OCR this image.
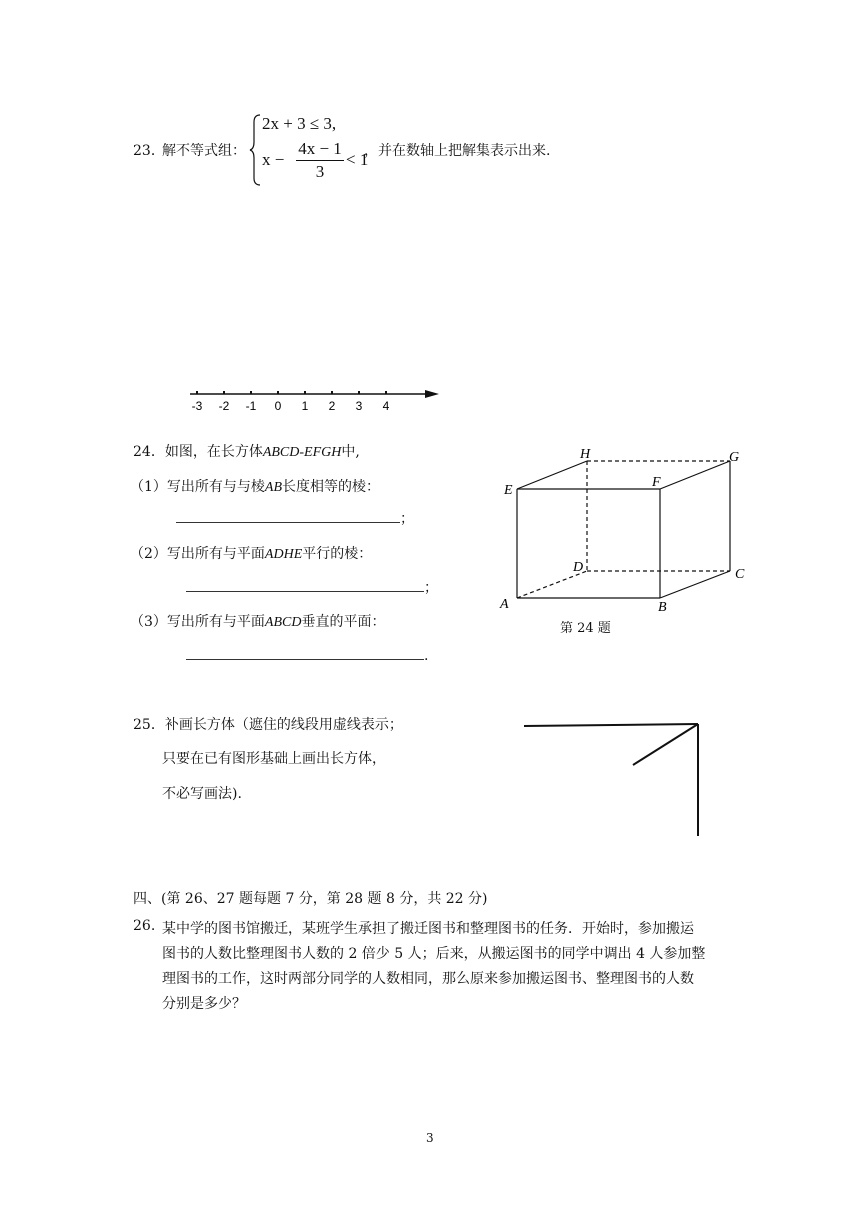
23．
解不等式组：
2x + 3 ≤ 3,
x −
4x − 1
3
< 1
，并在数轴上把解集表示出来.
-3 -2 -1 0 1 2 3 4
24．如图，在长方体ABCD-EFGH中,
（1）写出所有与与棱AB长度相等的棱：
；
（2）写出所有与平面ADHE平行的棱：
；
（3）写出所有与平面ABCD垂直的平面：
.
A	B
C
D
E
F
G
H
第 24 题
25．补画长方体（遮住的线段用虚线表示；
只要在已有图形基础上画出长方体，
不必写画法).
四、(第 26、27 题每题 7 分，第 28 题 8 分，共 22 分)
26. 某中学的图书馆搬迁，某班学生承担了搬迁图书和整理图书的任务．开始时，参加搬运
图书的人数比整理图书人数的 2 倍少 5 人；后来，从搬运图书的同学中调出 4 人参加整
理图书的工作，这时两部分同学的人数相同，那么原来参加搬运图书、整理图书的人数
分别是多少？
3
